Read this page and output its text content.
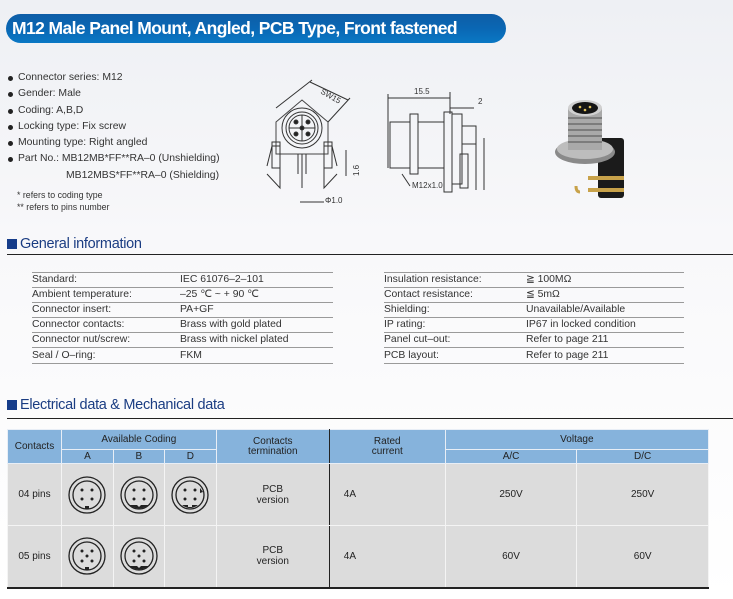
M12 Male Panel Mount, Angled, PCB Type, Front fastened
Connector series: M12
Gender: Male
Coding: A,B,D
Locking type: Fix screw
Mounting type: Right angled
Part No.: MB12MB*FF**RA–0 (Unshielding)
MB12MBS*FF**RA–0 (Shielding)
* refers to coding type
** refers to pins number
SW15
Φ1.0
1.6
15.5
2
M12x1.0
General information
Standard:	IEC 61076–2–101
Ambient temperature:	–25 ℃ ~ + 90 ℃
Connector insert:	PA+GF
Connector contacts:	Brass with gold plated
Connector nut/screw:	Brass with nickel plated
Seal / O–ring:	FKM
Insulation resistance:	≧ 100MΩ
Contact resistance:	≦ 5mΩ
Shielding:	Unavailable/Available
IP rating:	IP67 in locked condition
Panel cut–out:	Refer to page 211
PCB layout:	Refer to page 211
Electrical data & Mechanical data
Contacts	Available Coding			Contacts termination	Rated current	Voltage	
	A	B	D			A/C	D/C
04 pins				PCB version	4A	250V	250V
05 pins				PCB version	4A	60V	60V
